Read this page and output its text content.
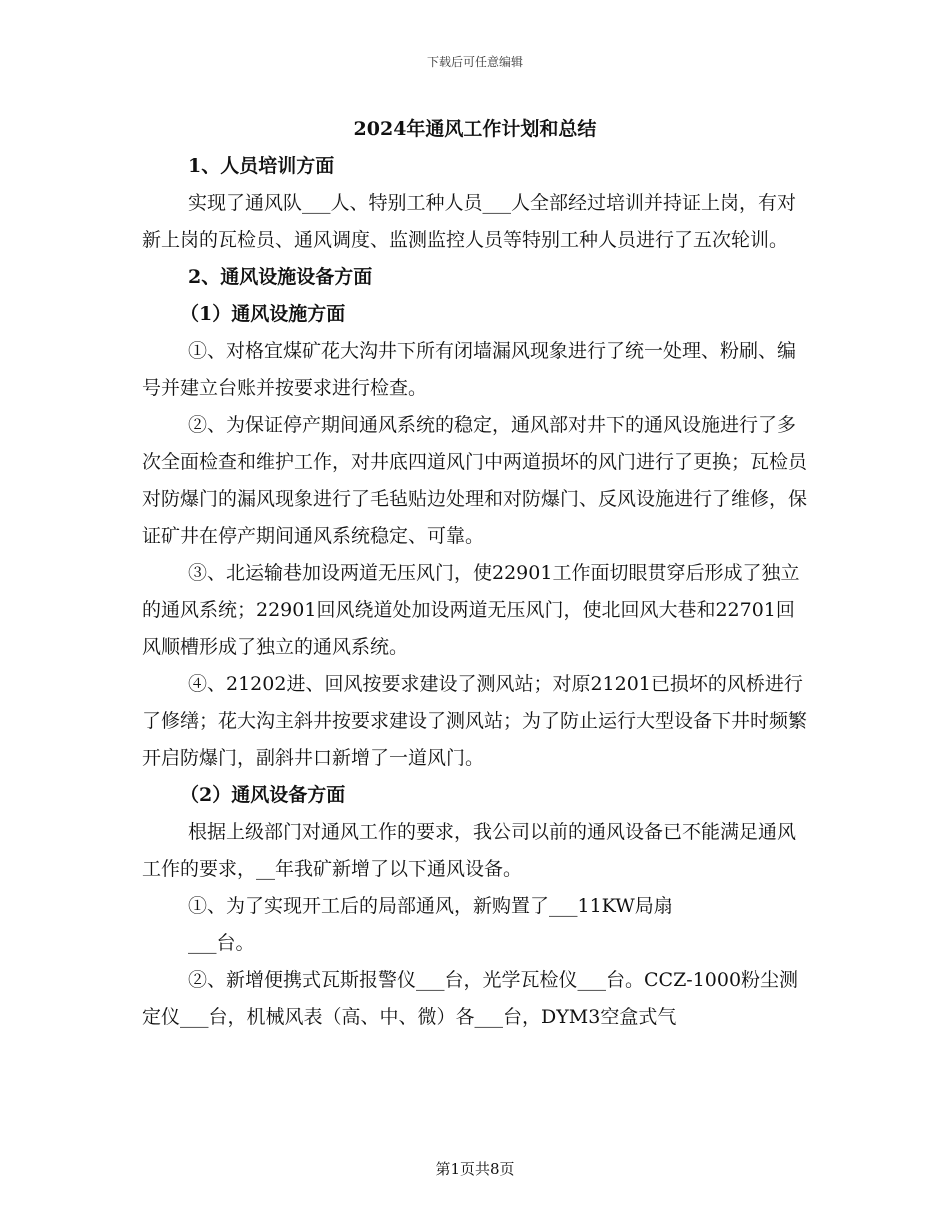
下载后可任意编辑
2024年通风工作计划和总结

1、人员培训方面

实现了通风队___人、特别工种人员___人全部经过培训并持证上岗，有对新上岗的瓦检员、通风调度、监测监控人员等特别工种人员进行了五次轮训。

2、通风设施设备方面

（1）通风设施方面

①、对格宜煤矿花大沟井下所有闭墙漏风现象进行了统一处理、粉刷、编号并建立台账并按要求进行检查。

②、为保证停产期间通风系统的稳定，通风部对井下的通风设施进行了多次全面检查和维护工作，对井底四道风门中两道损坏的风门进行了更换；瓦检员对防爆门的漏风现象进行了毛毡贴边处理和对防爆门、反风设施进行了维修，保证矿井在停产期间通风系统稳定、可靠。

③、北运输巷加设两道无压风门，使22901工作面切眼贯穿后形成了独立的通风系统；22901回风绕道处加设两道无压风门，使北回风大巷和22701回风顺槽形成了独立的通风系统。

④、21202进、回风按要求建设了测风站；对原21201已损坏的风桥进行了修缮；花大沟主斜井按要求建设了测风站；为了防止运行大型设备下井时频繁开启防爆门，副斜井口新增了一道风门。

（2）通风设备方面

根据上级部门对通风工作的要求，我公司以前的通风设备已不能满足通风工作的要求，__年我矿新增了以下通风设备。

①、为了实现开工后的局部通风，新购置了___11KW局扇

___台。

②、新增便携式瓦斯报警仪___台，光学瓦检仪___台。CCZ-1000粉尘测定仪___台，机械风表（高、中、微）各___台，DYM3空盒式气

第1页共8页
